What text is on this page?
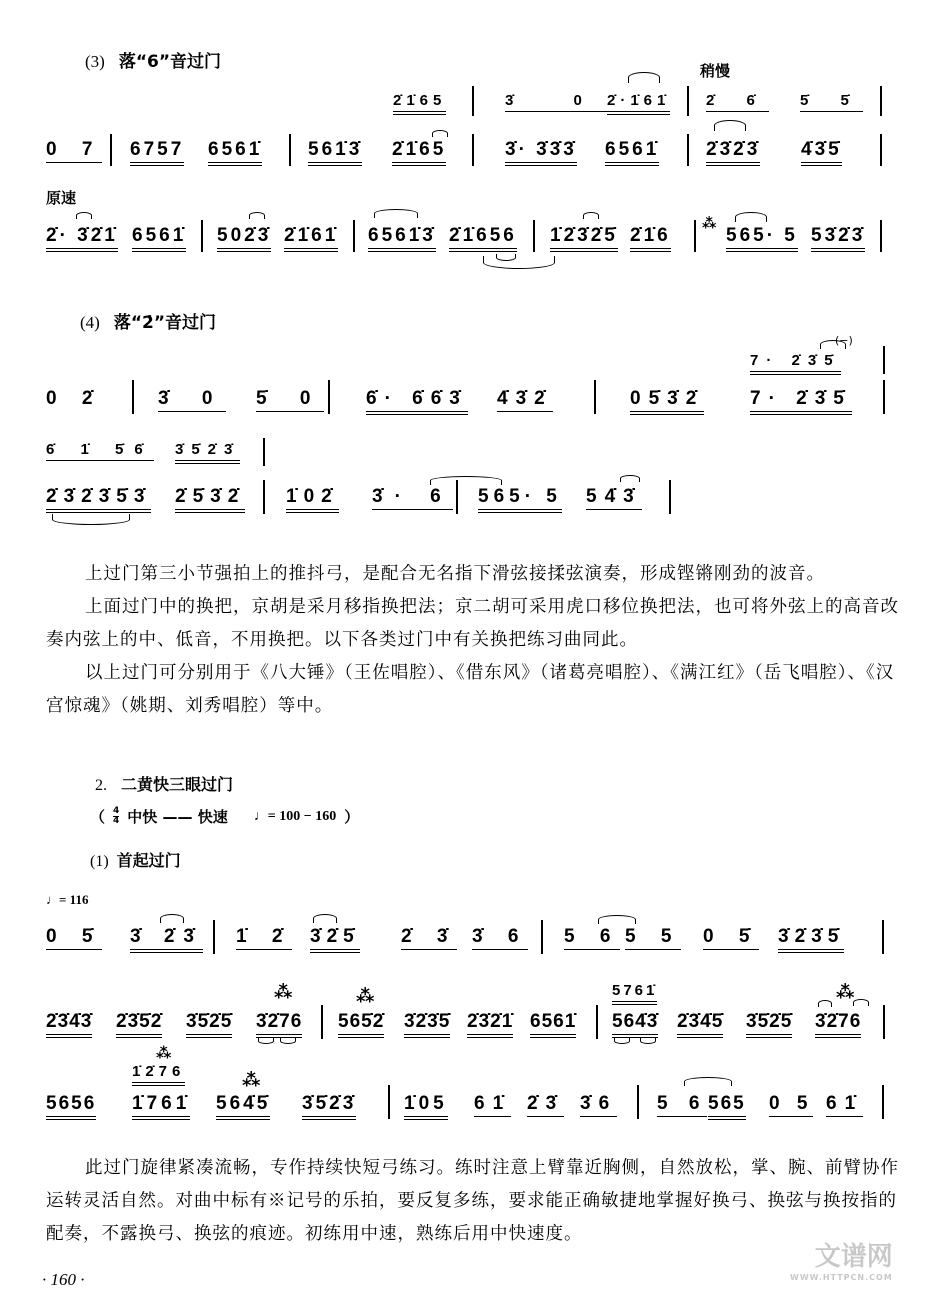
(3) 落“6”音过门	稍慢
2̇1̇65	3̇ 0
2̇·1̇61̇ 2̇ 6̇ 5̇ 5̇
0 7 6757 6561̇ 561̇3̇ 2̇1̇65	3̇· 3̇3̇3̇ 6561̇ 2̇3̇2̇3̇ 4̇3̇5̇
原速
2̇· 3̇2̇1̇ 6561̇ 502̇3̇ 2̇1̇61̇ 6561̇3̇ 2̇1̇656 1̇2̇3̇2̇5̇ 2̇1̇6	565· 5 53̇2̇3̇
⁂
(4) 落“2̇”音过门
(−)
7· 2̇3̇5̇
0 2̇	3̇ 0 5̇ 0 6̇· 6̇6̇3̇ 4̇3̇2̇	05̇3̇2̇ 7· 2̇3̇5̇
6̇ 1̇ 5̇6̇ 3̇5̇2̇3̇
2̇3̇2̇3̇5̇3̇ 2̇5̇3̇2̇ 1̇02̇ 3̇· 6 565· 5 54̇3̇
上过门第三小节强拍上的推抖弓，是配合无名指下滑弦接揉弦演奏，形成铿锵刚劲的波音。
上面过门中的换把，京胡是采月移指换把法；京二胡可采用虎口移位换把法，也可将外弦上的高音改奏内弦上的中、低音，不用换把。以下各类过门中有关换把练习曲同此。
以上过门可分别用于《八大锤》（王佐唱腔）、《借东风》（诸葛亮唱腔）、《满江红》（岳飞唱腔）、《汉宫惊魂》（姚期、刘秀唱腔）等中。
2. 二黄快三眼过门
（ 4
4 中快 —— 快速 ♩= 100 − 160 ）
(1) 首起过门
♩= 116
0 5̇ 3̇ 2̇3̇ 1̇ 2̇ 3̇2̇5̇ 2̇ 3̇ 3̇ 6 5 6 5 5 0 5̇ 3̇2̇3̇5̇
5761̇
2̇3̇4̇3̇ 2̇3̇5̇2̇ 3̇5̇2̇5̇ 3̇2̇76 565̇2̇ 3̇2̇3̇5̇ 2̇3̇2̇1̇ 6561̇ 564̇3̇ 2̇3̇4̇5̇ 3̇5̇2̇5̇ 3̇2̇76
⁂	⁂	⁂
1̇2̇76
5656 1̇761̇ 564̇5̇ 3̇5̇2̇3̇	1̇05 61̇ 2̇3̇ 3̇6 5 6 565 0 5 61̇
⁂
⁂
此过门旋律紧凑流畅，专作持续快短弓练习。练时注意上臂靠近胸侧，自然放松，掌、腕、前臂协作运转灵活自然。对曲中标有※记号的乐拍，要反复多练，要求能正确敏捷地掌握好换弓、换弦与换按指的配奏，不露换弓、换弦的痕迹。初练用中速，熟练后用中快速度。
· 160 ·
文谱网
WWW.HTTPCN.COM
